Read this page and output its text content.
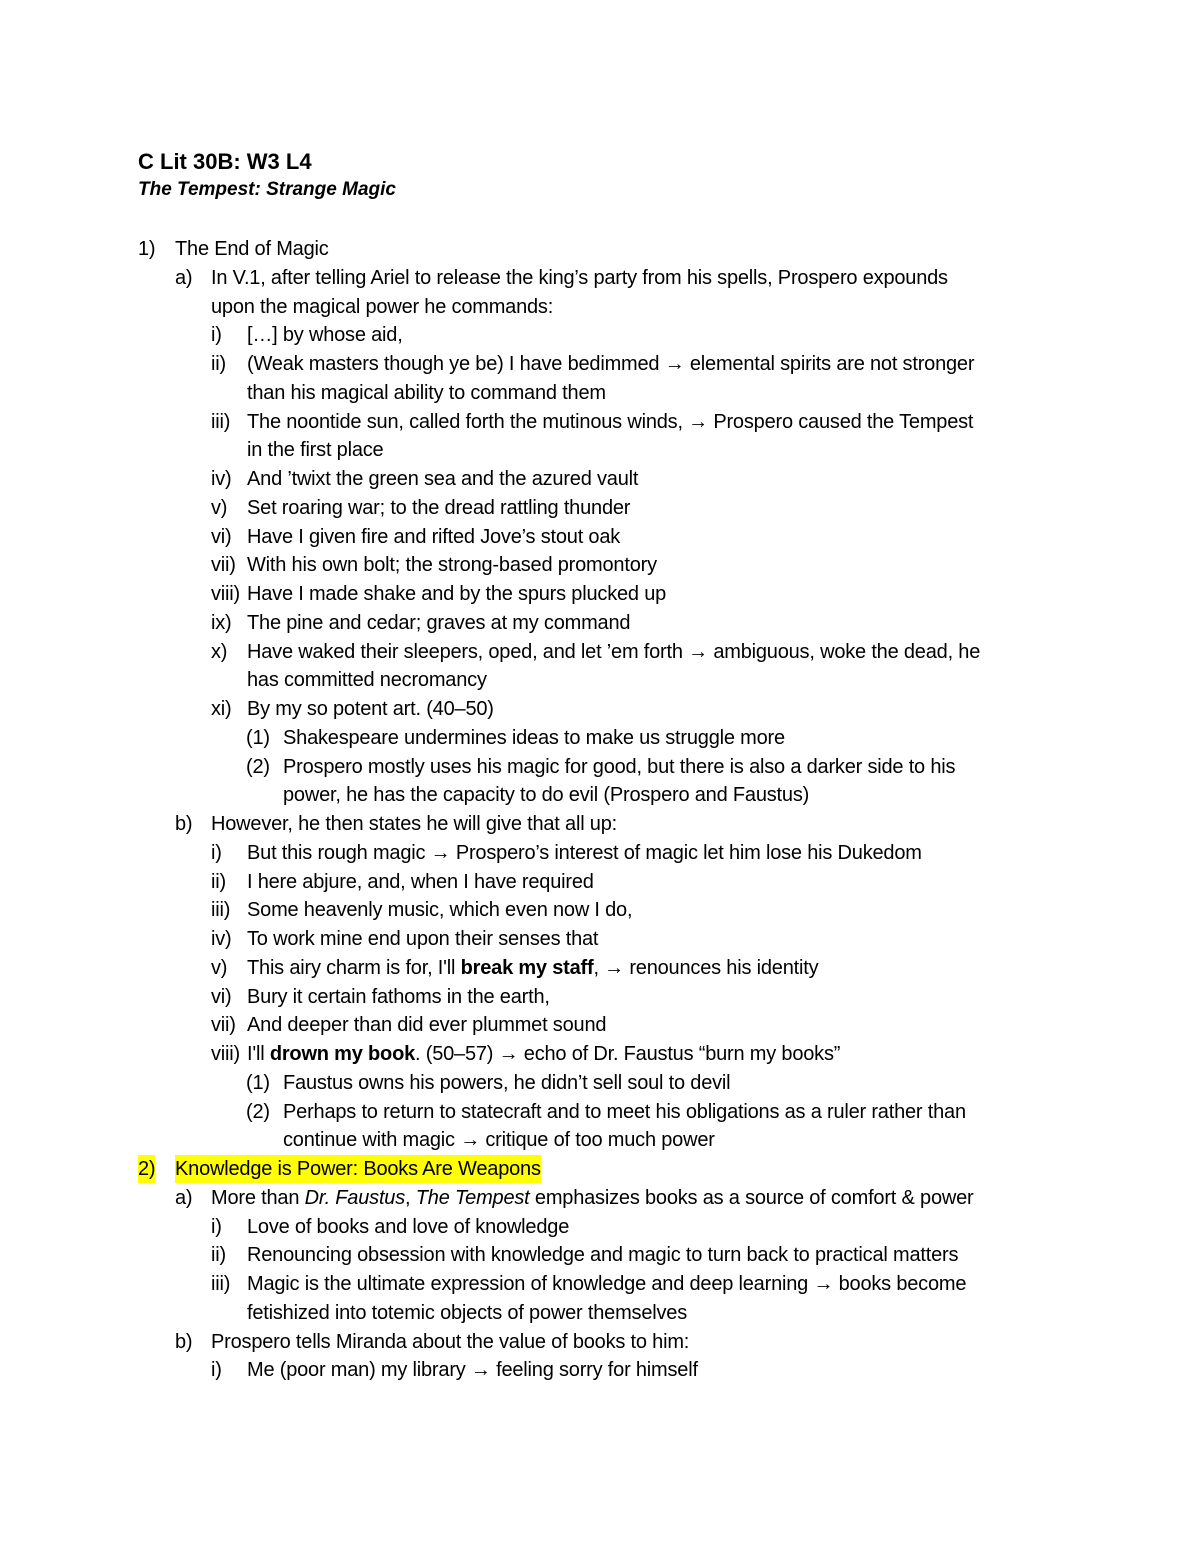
C Lit 30B: W3 L4
The Tempest: Strange Magic
1) The End of Magic
a) In V.1, after telling Ariel to release the king’s party from his spells, Prospero expounds
upon the magical power he commands:
i) […] by whose aid,
ii) (Weak masters though ye be) I have bedimmed → elemental spirits are not stronger
than his magical ability to command them
iii) The noontide sun, called forth the mutinous winds, → Prospero caused the Tempest
in the first place
iv) And ’twixt the green sea and the azured vault
v) Set roaring war; to the dread rattling thunder
vi) Have I given fire and rifted Jove’s stout oak
vii) With his own bolt; the strong-based promontory
viii) Have I made shake and by the spurs plucked up
ix) The pine and cedar; graves at my command
x) Have waked their sleepers, oped, and let ’em forth → ambiguous, woke the dead, he
has committed necromancy
xi) By my so potent art. (40–50)
(1) Shakespeare undermines ideas to make us struggle more
(2) Prospero mostly uses his magic for good, but there is also a darker side to his
power, he has the capacity to do evil (Prospero and Faustus)
b) However, he then states he will give that all up:
i) But this rough magic → Prospero’s interest of magic let him lose his Dukedom
ii) I here abjure, and, when I have required
iii) Some heavenly music, which even now I do,
iv) To work mine end upon their senses that
v) This airy charm is for, I'll break my staff, → renounces his identity
vi) Bury it certain fathoms in the earth,
vii) And deeper than did ever plummet sound
viii) I'll drown my book. (50–57) → echo of Dr. Faustus “burn my books”
(1) Faustus owns his powers, he didn’t sell soul to devil
(2) Perhaps to return to statecraft and to meet his obligations as a ruler rather than
continue with magic → critique of too much power
2) Knowledge is Power: Books Are Weapons
a) More than Dr. Faustus, The Tempest emphasizes books as a source of comfort & power
i) Love of books and love of knowledge
ii) Renouncing obsession with knowledge and magic to turn back to practical matters
iii) Magic is the ultimate expression of knowledge and deep learning → books become
fetishized into totemic objects of power themselves
b) Prospero tells Miranda about the value of books to him:
i) Me (poor man) my library → feeling sorry for himself
